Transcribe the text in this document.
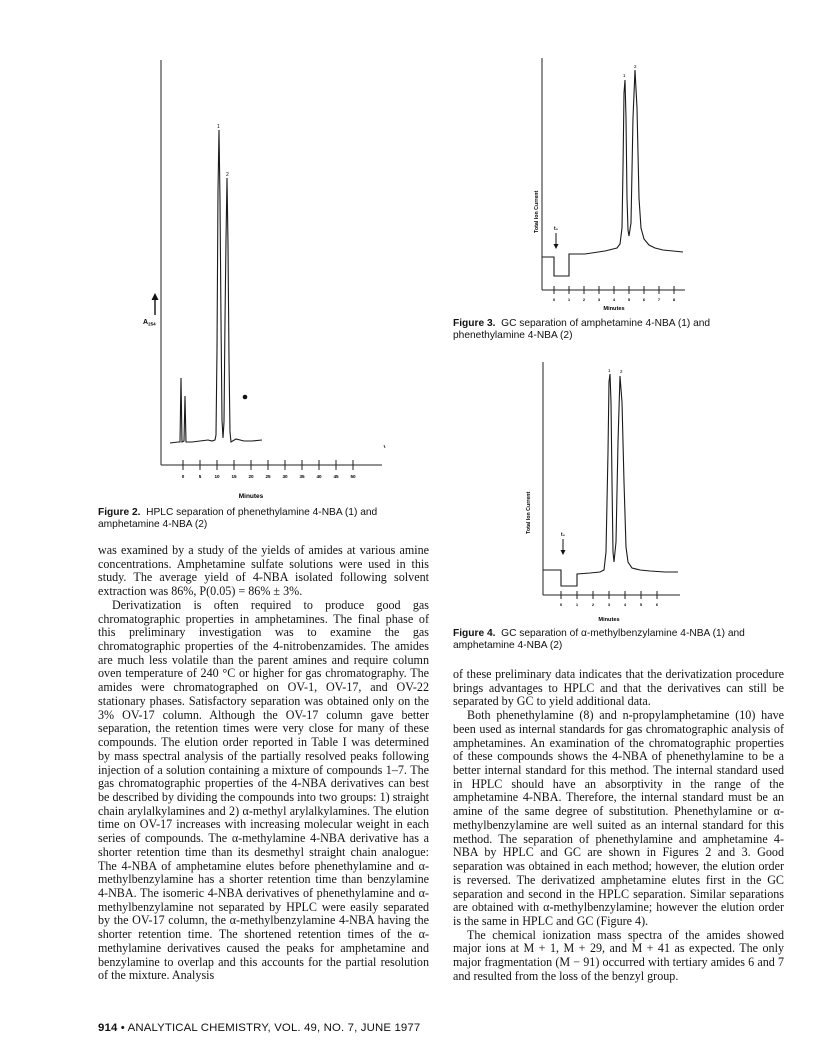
$A_{254}$
1
2
0	5	10	15	20	25	30	35	40	45	50
Minutes

Figure 2. HPLC separation of phenethylamine 4-NBA (1) and amphetamine 4-NBA (2)

Total Ion Current	t₀
1
2
0	1	2	3	4	5	6	7	8
Minutes

Figure 3. GC separation of amphetamine 4-NBA (1) and phenethylamine 4-NBA (2)

Total Ion Current
t₀
1 2
0	1	2	3	4	5	6
Minutes

Figure 4. GC separation of α-methylbenzylamine 4-NBA (1) and amphetamine 4-NBA (2)

was examined by a study of the yields of amides at various amine concentrations. Amphetamine sulfate solutions were used in this study. The average yield of 4-NBA isolated following solvent extraction was 86%, P(0.05) = 86% ± 3%.

Derivatization is often required to produce good gas chromatographic properties in amphetamines. The final phase of this preliminary investigation was to examine the gas chromatographic properties of the 4-nitrobenzamides. The amides are much less volatile than the parent amines and require column oven temperature of 240 °C or higher for gas chromatography. The amides were chromatographed on OV-1, OV-17, and OV-22 stationary phases. Satisfactory separation was obtained only on the 3% OV-17 column. Although the OV-17 column gave better separation, the retention times were very close for many of these compounds. The elution order reported in Table I was determined by mass spectral analysis of the partially resolved peaks following injection of a solution containing a mixture of compounds 1–7. The gas chromatographic properties of the 4-NBA derivatives can best be described by dividing the compounds into two groups: 1) straight chain arylalkylamines and 2) α-methyl arylalkylamines. The elution time on OV-17 increases with increasing molecular weight in each series of compounds. The α-methylamine 4-NBA derivative has a shorter retention time than its desmethyl straight chain analogue: The 4-NBA of amphetamine elutes before phenethylamine and α-methylbenzylamine has a shorter retention time than benzylamine 4-NBA. The isomeric 4-NBA derivatives of phenethylamine and α-methylbenzylamine not separated by HPLC were easily separated by the OV-17 column, the α-methylbenzylamine 4-NBA having the shorter retention time. The shortened retention times of the α-methylamine derivatives caused the peaks for amphetamine and benzylamine to overlap and this accounts for the partial resolution of the mixture. Analysis

of these preliminary data indicates that the derivatization procedure brings advantages to HPLC and that the derivatives can still be separated by GC to yield additional data.

Both phenethylamine (8) and n-propylamphetamine (10) have been used as internal standards for gas chromatographic analysis of amphetamines. An examination of the chromatographic properties of these compounds shows the 4-NBA of phenethylamine to be a better internal standard for this method. The internal standard used in HPLC should have an absorptivity in the range of the amphetamine 4-NBA. Therefore, the internal standard must be an amine of the same degree of substitution. Phenethylamine or α-methylbenzylamine are well suited as an internal standard for this method. The separation of phenethylamine and amphetamine 4-NBA by HPLC and GC are shown in Figures 2 and 3. Good separation was obtained in each method; however, the elution order is reversed. The derivatized amphetamine elutes first in the GC separation and second in the HPLC separation. Similar separations are obtained with α-methylbenzylamine; however the elution order is the same in HPLC and GC (Figure 4).

The chemical ionization mass spectra of the amides showed major ions at M + 1, M + 29, and M + 41 as expected. The only major fragmentation (M − 91) occurred with tertiary amides 6 and 7 and resulted from the loss of the benzyl group.

914 • ANALYTICAL CHEMISTRY, VOL. 49, NO. 7, JUNE 1977
